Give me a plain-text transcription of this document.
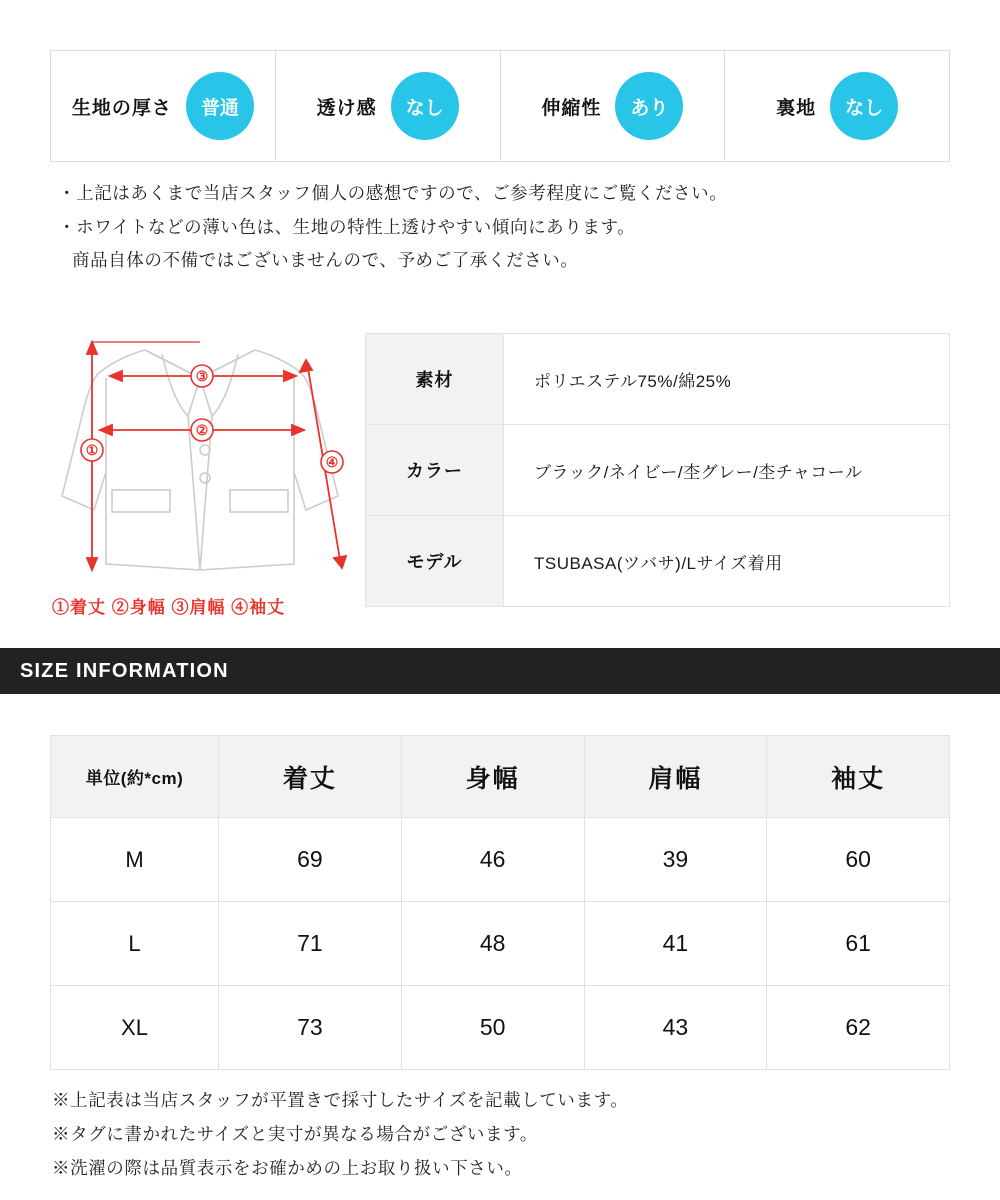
生地の厚さ	普通	透け感	なし	伸縮性	あり	裏地	なし

・上記はあくまで当店スタッフ個人の感想ですので、ご参考程度にご覧ください。

・ホワイトなどの薄い色は、生地の特性上透けやすい傾向にあります。

商品自体の不備ではございませんので、予めご了承ください。

①
②
③
④
①着丈 ②身幅 ③肩幅 ④袖丈
素材	ポリエステル75%/綿25%
カラー	ブラック/ネイビー/杢グレー/杢チャコール
モデル	TSUBASA(ツバサ)/Lサイズ着用
SIZE INFORMATION
単位(約*cm)	着丈	身幅	肩幅	袖丈
M	69	46	39	60
L	71	48	41	61
XL	73	50	43	62

※上記表は当店スタッフが平置きで採寸したサイズを記載しています。

※タグに書かれたサイズと実寸が異なる場合がございます。

※洗濯の際は品質表示をお確かめの上お取り扱い下さい。
